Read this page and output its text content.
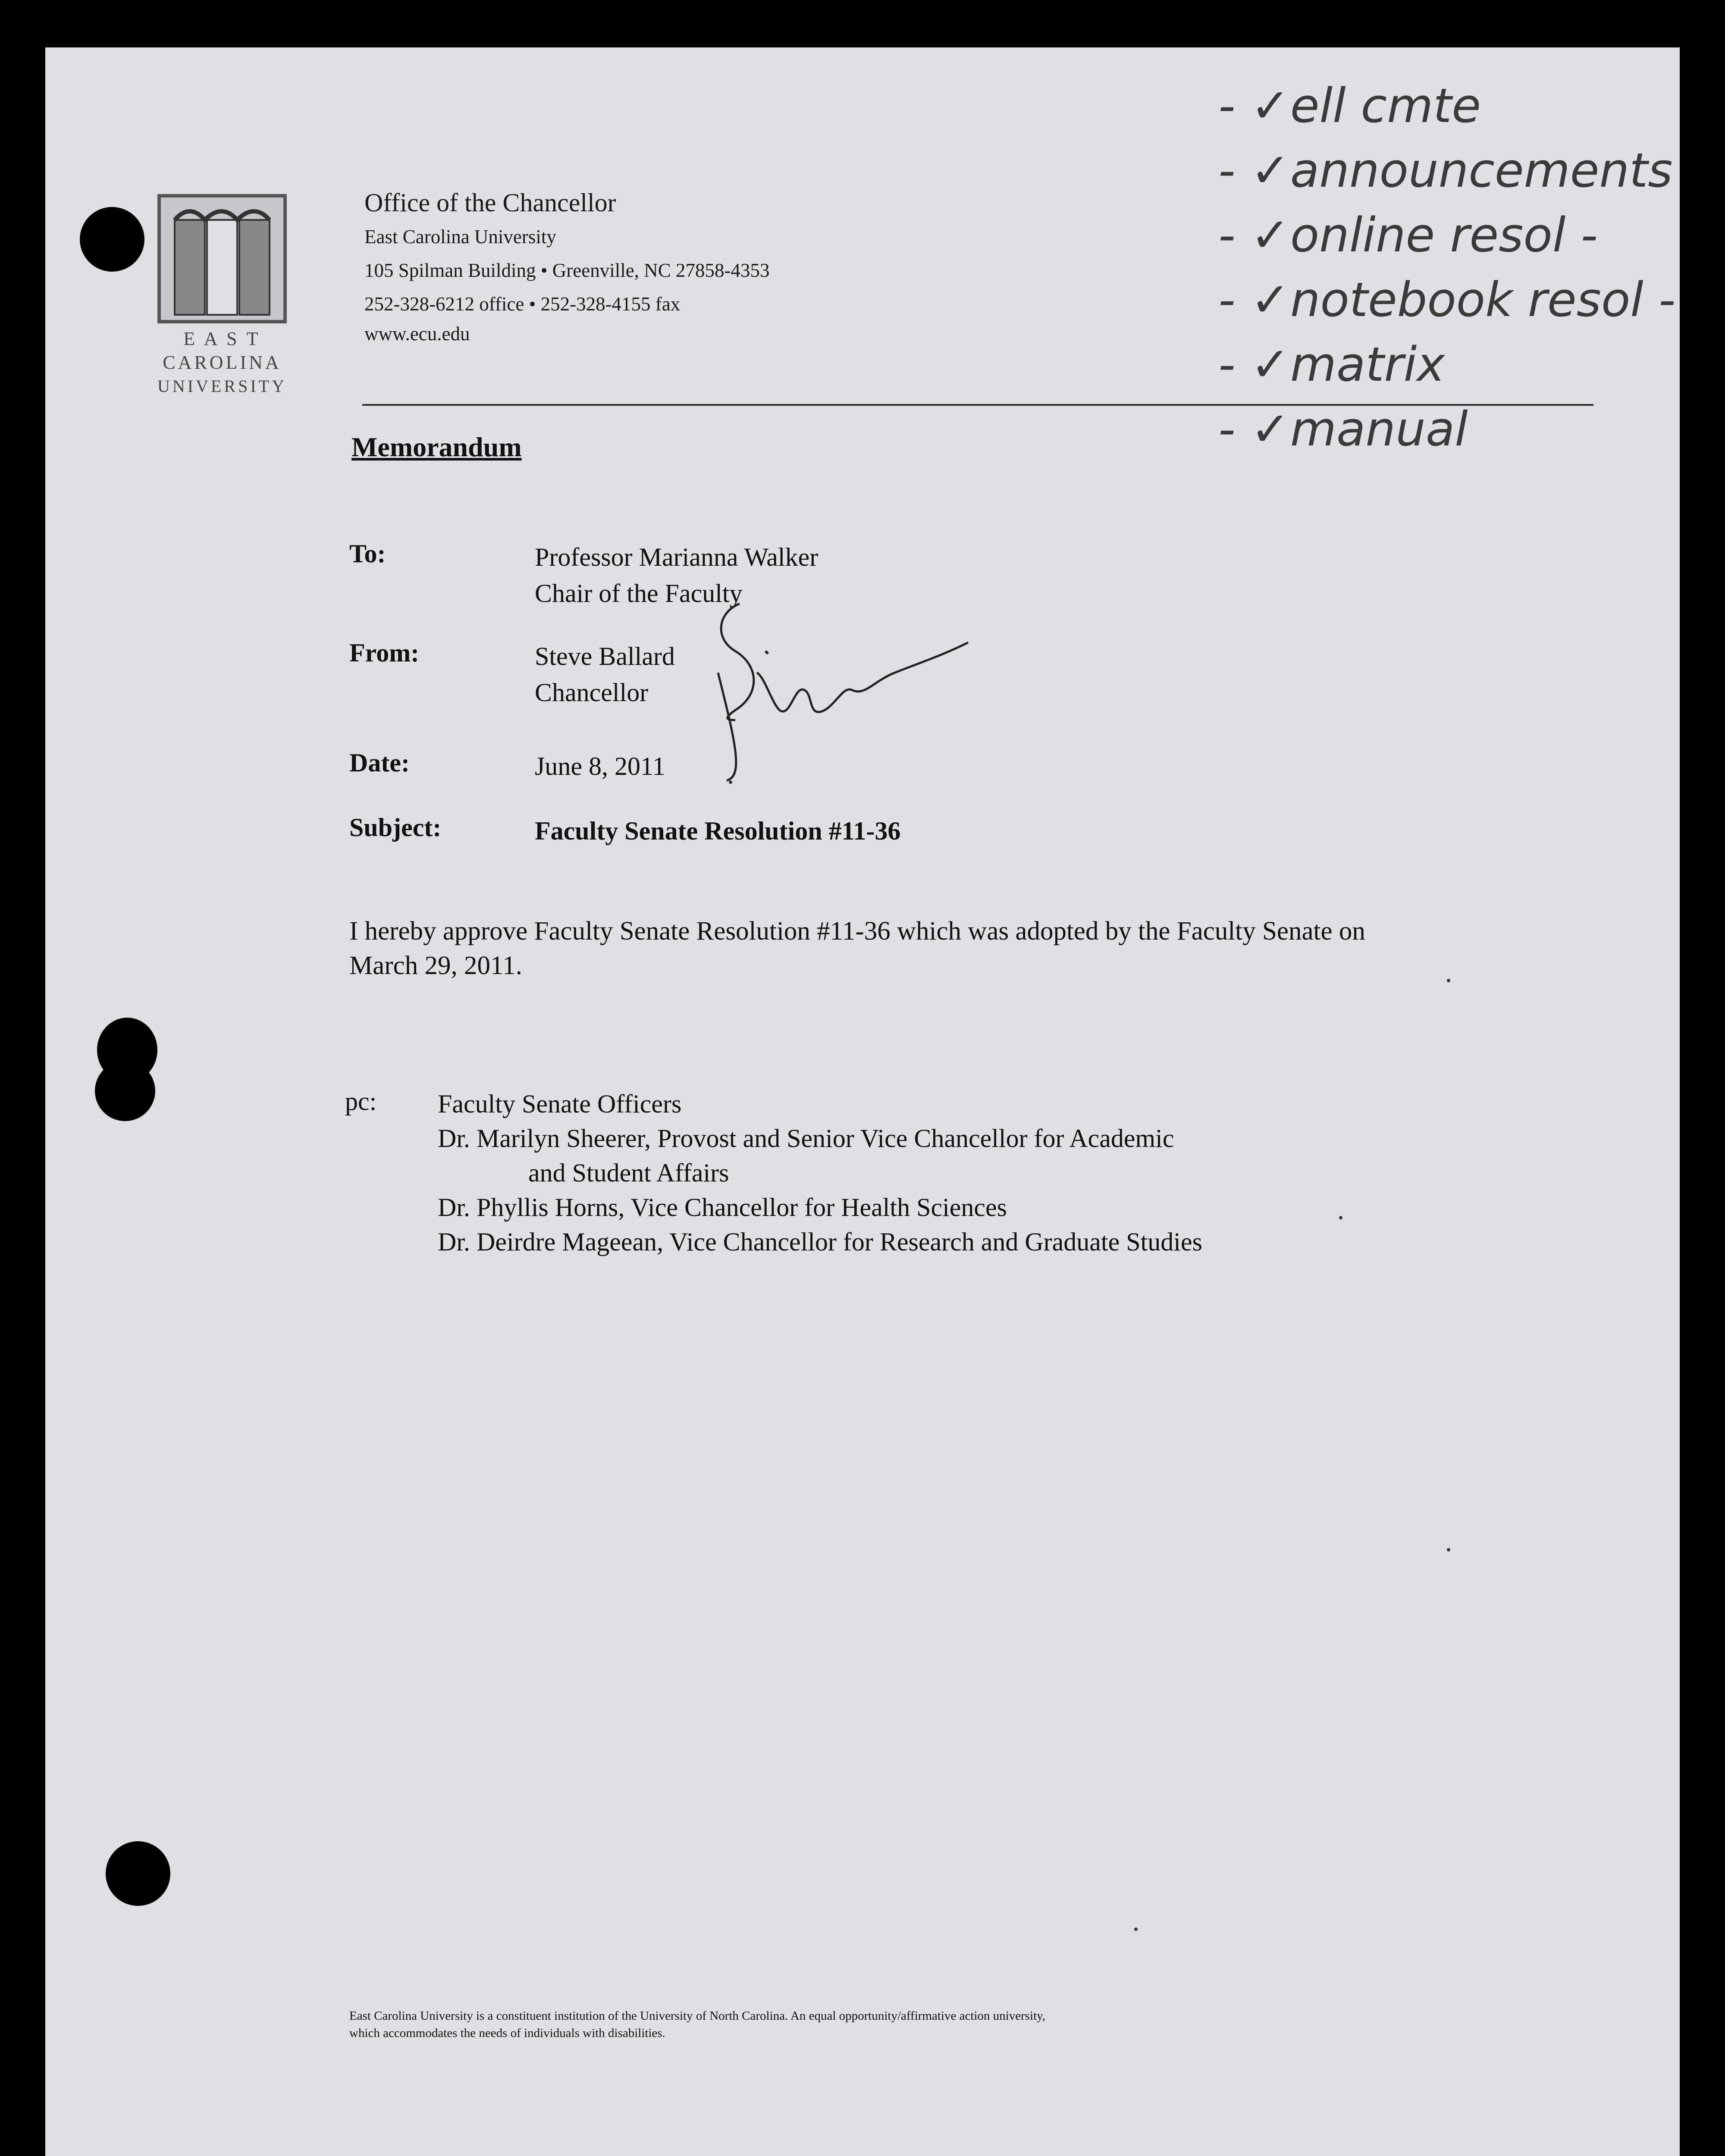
E A S T
CAROLINA
UNIVERSITY
Office of the Chancellor
East Carolina University
105 Spilman Building • Greenville, NC 27858-4353
252-328-6212 office • 252-328-4155 fax
www.ecu.edu
- ✓ell cmte
- ✓announcements
- ✓online resol -
- ✓notebook resol -
- ✓matrix
- ✓manual
Memorandum
To:	Professor Marianna Walker
Chair of the Faculty
From:	Steve Ballard
Chancellor
Date:	June 8, 2011
Subject:	Faculty Senate Resolution #11-36
I hereby approve Faculty Senate Resolution #11-36 which was adopted by the Faculty Senate on March 29, 2011.
pc: Faculty Senate Officers
Dr. Marilyn Sheerer, Provost and Senior Vice Chancellor for Academic
and Student Affairs
Dr. Phyllis Horns, Vice Chancellor for Health Sciences
Dr. Deirdre Mageean, Vice Chancellor for Research and Graduate Studies
East Carolina University is a constituent institution of the University of North Carolina. An equal opportunity/affirmative action university,
which accommodates the needs of individuals with disabilities.
